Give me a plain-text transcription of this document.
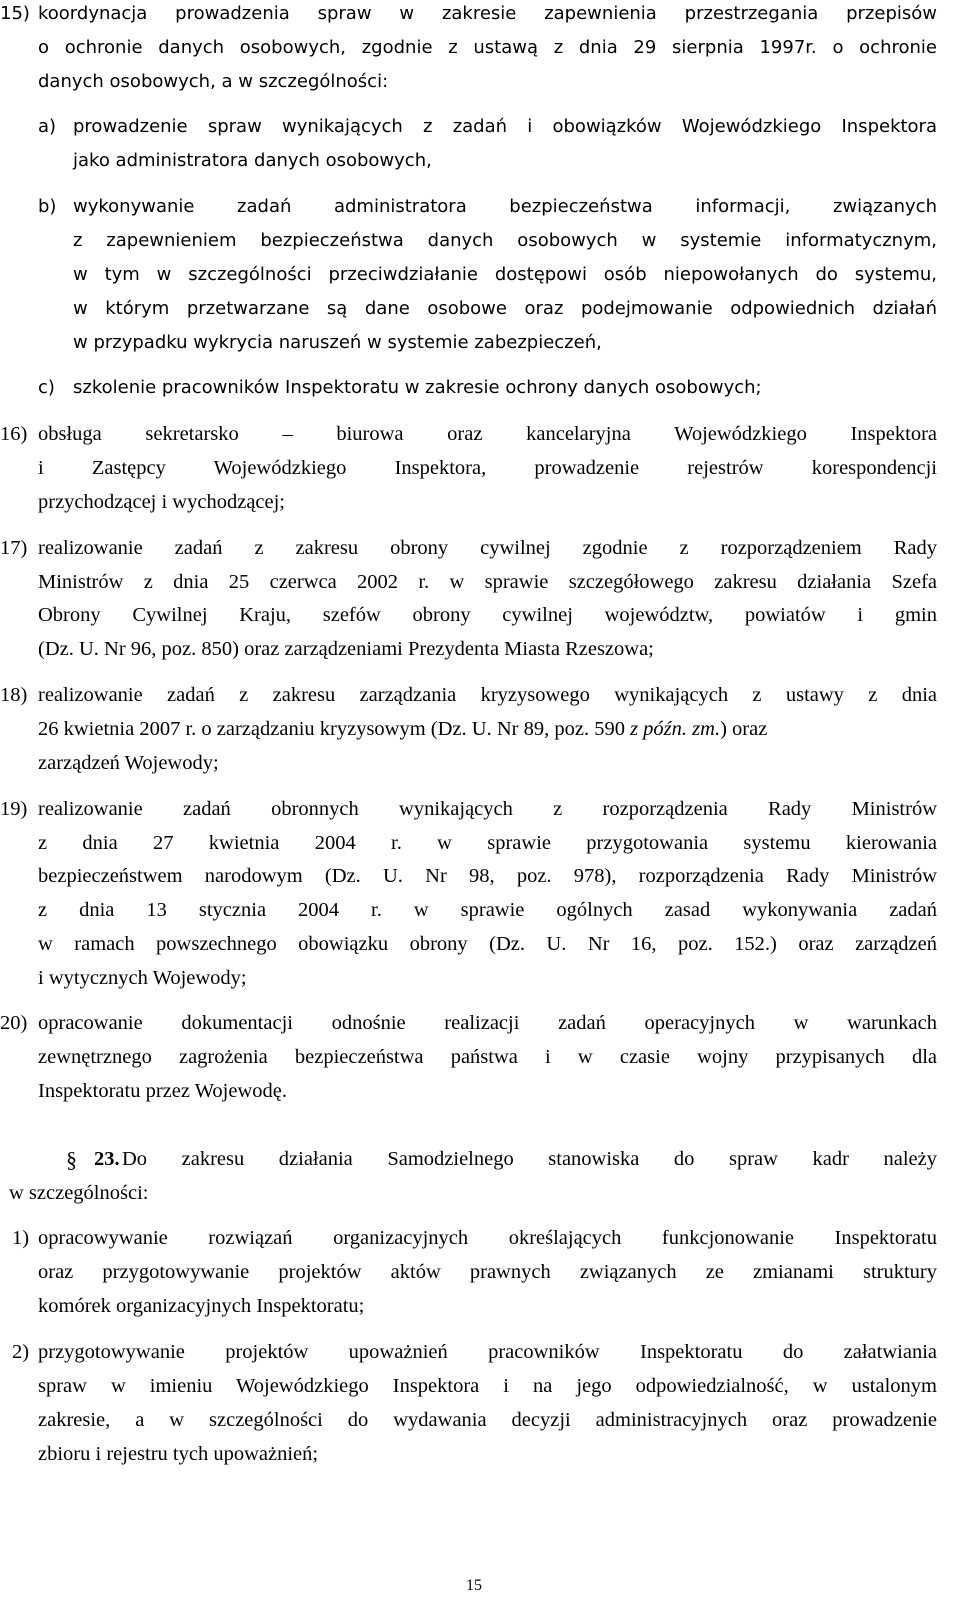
15) koordynacja prowadzenia spraw w zakresie zapewnienia przestrzegania przepisów
o ochronie danych osobowych, zgodnie z ustawą z dnia 29 sierpnia 1997r. o ochronie
danych osobowych, a w szczególności:
a) prowadzenie spraw wynikających z zadań i obowiązków Wojewódzkiego Inspektora
jako administratora danych osobowych,
b) wykonywanie zadań administratora bezpieczeństwa informacji, związanych
z zapewnieniem bezpieczeństwa danych osobowych w systemie informatycznym,
w tym w szczególności przeciwdziałanie dostępowi osób niepowołanych do systemu,
w którym przetwarzane są dane osobowe oraz podejmowanie odpowiednich działań
w przypadku wykrycia naruszeń w systemie zabezpieczeń,
c) szkolenie pracowników Inspektoratu w zakresie ochrony danych osobowych;
16) obsługa sekretarsko – biurowa oraz kancelaryjna Wojewódzkiego Inspektora
i Zastępcy Wojewódzkiego Inspektora, prowadzenie rejestrów korespondencji
przychodzącej i wychodzącej;
17) realizowanie zadań z zakresu obrony cywilnej zgodnie z rozporządzeniem Rady
Ministrów z dnia 25 czerwca 2002 r. w sprawie szczegółowego zakresu działania Szefa
Obrony Cywilnej Kraju, szefów obrony cywilnej województw, powiatów i gmin
(Dz. U. Nr 96, poz. 850) oraz zarządzeniami Prezydenta Miasta Rzeszowa;
18) realizowanie zadań z zakresu zarządzania kryzysowego wynikających z ustawy z dnia
26 kwietnia 2007 r. o zarządzaniu kryzysowym (Dz. U. Nr 89, poz. 590 z późn. zm. ) oraz
zarządzeń Wojewody;
19) realizowanie zadań obronnych wynikających z rozporządzenia Rady Ministrów
z dnia 27 kwietnia 2004 r. w sprawie przygotowania systemu kierowania
bezpieczeństwem narodowym (Dz. U. Nr 98, poz. 978), rozporządzenia Rady Ministrów
z dnia 13 stycznia 2004 r. w sprawie ogólnych zasad wykonywania zadań
w ramach powszechnego obowiązku obrony (Dz. U. Nr 16, poz. 152.) oraz zarządzeń
i wytycznych Wojewody;
20) opracowanie dokumentacji odnośnie realizacji zadań operacyjnych w warunkach
zewnętrznego zagrożenia bezpieczeństwa państwa i w czasie wojny przypisanych dla
Inspektoratu przez Wojewodę.
§ 23. Do zakresu działania Samodzielnego stanowiska do spraw kadr należy
w szczególności:
1) opracowywanie rozwiązań organizacyjnych określających funkcjonowanie Inspektoratu
oraz przygotowywanie projektów aktów prawnych związanych ze zmianami struktury
komórek organizacyjnych Inspektoratu;
2) przygotowywanie projektów upoważnień pracowników Inspektoratu do załatwiania
spraw w imieniu Wojewódzkiego Inspektora i na jego odpowiedzialność, w ustalonym
zakresie, a w szczególności do wydawania decyzji administracyjnych oraz prowadzenie
zbioru i rejestru tych upoważnień;
15
